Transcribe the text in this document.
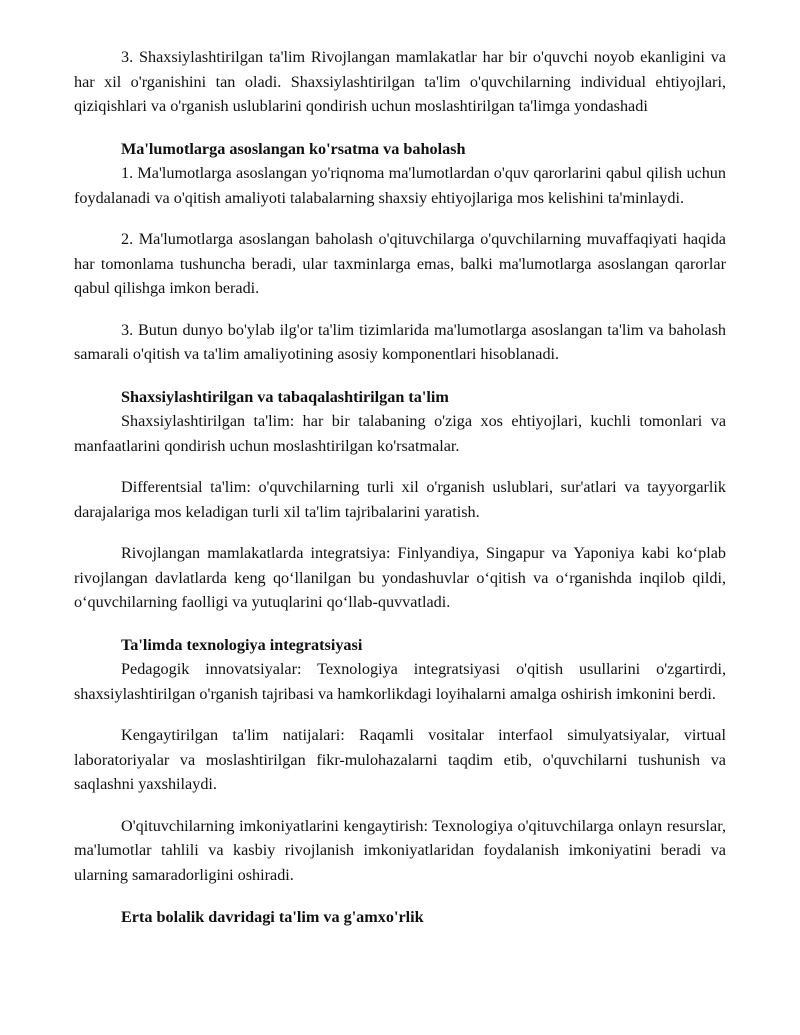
3. Shaxsiylashtirilgan ta'lim Rivojlangan mamlakatlar har bir o'quvchi noyob ekanligini va har xil o'rganishini tan oladi. Shaxsiylashtirilgan ta'lim o'quvchilarning individual ehtiyojlari, qiziqishlari va o'rganish uslublarini qondirish uchun moslashtirilgan ta'limga yondashadi

Ma'lumotlarga asoslangan ko'rsatma va baholash

1. Ma'lumotlarga asoslangan yo'riqnoma ma'lumotlardan o'quv qarorlarini qabul qilish uchun foydalanadi va o'qitish amaliyoti talabalarning shaxsiy ehtiyojlariga mos kelishini ta'minlaydi.

2. Ma'lumotlarga asoslangan baholash o'qituvchilarga o'quvchilarning muvaffaqiyati haqida har tomonlama tushuncha beradi, ular taxminlarga emas, balki ma'lumotlarga asoslangan qarorlar qabul qilishga imkon beradi.

3. Butun dunyo bo'ylab ilg'or ta'lim tizimlarida ma'lumotlarga asoslangan ta'lim va baholash samarali o'qitish va ta'lim amaliyotining asosiy komponentlari hisoblanadi.

Shaxsiylashtirilgan va tabaqalashtirilgan ta'lim

Shaxsiylashtirilgan ta'lim: har bir talabaning o'ziga xos ehtiyojlari, kuchli tomonlari va manfaatlarini qondirish uchun moslashtirilgan ko'rsatmalar.

Differentsial ta'lim: o'quvchilarning turli xil o'rganish uslublari, sur'atlari va tayyorgarlik darajalariga mos keladigan turli xil ta'lim tajribalarini yaratish.

Rivojlangan mamlakatlarda integratsiya: Finlyandiya, Singapur va Yaponiya kabi ko‘plab rivojlangan davlatlarda keng qo‘llanilgan bu yondashuvlar o‘qitish va o‘rganishda inqilob qildi, o‘quvchilarning faolligi va yutuqlarini qo‘llab-quvvatladi.

Ta'limda texnologiya integratsiyasi

Pedagogik innovatsiyalar: Texnologiya integratsiyasi o'qitish usullarini o'zgartirdi, shaxsiylashtirilgan o'rganish tajribasi va hamkorlikdagi loyihalarni amalga oshirish imkonini berdi.

Kengaytirilgan ta'lim natijalari: Raqamli vositalar interfaol simulyatsiyalar, virtual laboratoriyalar va moslashtirilgan fikr-mulohazalarni taqdim etib, o'quvchilarni tushunish va saqlashni yaxshilaydi.

O'qituvchilarning imkoniyatlarini kengaytirish: Texnologiya o'qituvchilarga onlayn resurslar, ma'lumotlar tahlili va kasbiy rivojlanish imkoniyatlaridan foydalanish imkoniyatini beradi va ularning samaradorligini oshiradi.

Erta bolalik davridagi ta'lim va g'amxo'rlik
